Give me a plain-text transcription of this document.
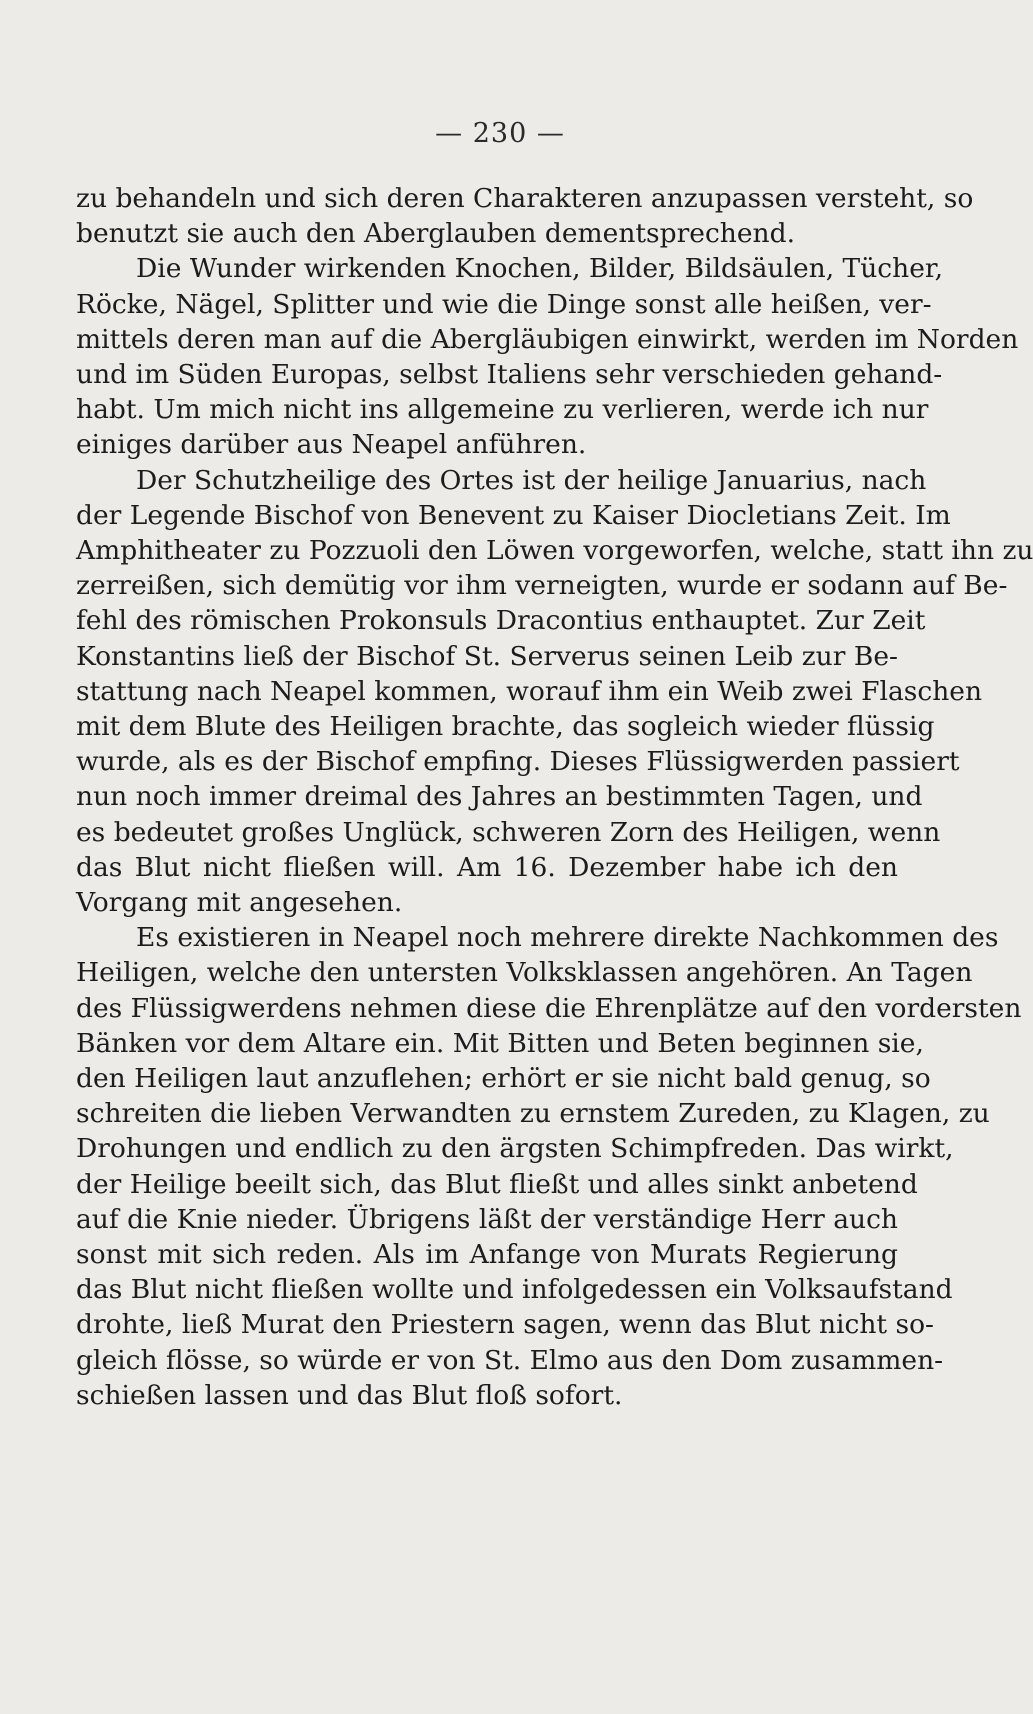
— 230 —
zu behandeln und sich deren Charakteren anzupassen versteht, so
benutzt sie auch den Aberglauben dementsprechend.
Die Wunder wirkenden Knochen, Bilder, Bildsäulen, Tücher,
Röcke, Nägel, Splitter und wie die Dinge sonst alle heißen, ver-
mittels deren man auf die Abergläubigen einwirkt, werden im Norden
und im Süden Europas, selbst Italiens sehr verschieden gehand-
habt. Um mich nicht ins allgemeine zu verlieren, werde ich nur
einiges darüber aus Neapel anführen.
Der Schutzheilige des Ortes ist der heilige Januarius, nach
der Legende Bischof von Benevent zu Kaiser Diocletians Zeit. Im
Amphitheater zu Pozzuoli den Löwen vorgeworfen, welche, statt ihn zu
zerreißen, sich demütig vor ihm verneigten, wurde er sodann auf Be-
fehl des römischen Prokonsuls Dracontius enthauptet. Zur Zeit
Konstantins ließ der Bischof St. Serverus seinen Leib zur Be-
stattung nach Neapel kommen, worauf ihm ein Weib zwei Flaschen
mit dem Blute des Heiligen brachte, das sogleich wieder flüssig
wurde, als es der Bischof empfing. Dieses Flüssigwerden passiert
nun noch immer dreimal des Jahres an bestimmten Tagen, und
es bedeutet großes Unglück, schweren Zorn des Heiligen, wenn
das Blut nicht fließen will. Am 16. Dezember habe ich den
Vorgang mit angesehen.
Es existieren in Neapel noch mehrere direkte Nachkommen des
Heiligen, welche den untersten Volksklassen angehören. An Tagen
des Flüssigwerdens nehmen diese die Ehrenplätze auf den vordersten
Bänken vor dem Altare ein. Mit Bitten und Beten beginnen sie,
den Heiligen laut anzuflehen; erhört er sie nicht bald genug, so
schreiten die lieben Verwandten zu ernstem Zureden, zu Klagen, zu
Drohungen und endlich zu den ärgsten Schimpfreden. Das wirkt,
der Heilige beeilt sich, das Blut fließt und alles sinkt anbetend
auf die Knie nieder. Übrigens läßt der verständige Herr auch
sonst mit sich reden. Als im Anfange von Murats Regierung
das Blut nicht fließen wollte und infolgedessen ein Volksaufstand
drohte, ließ Murat den Priestern sagen, wenn das Blut nicht so-
gleich flösse, so würde er von St. Elmo aus den Dom zusammen-
schießen lassen und das Blut floß sofort.
